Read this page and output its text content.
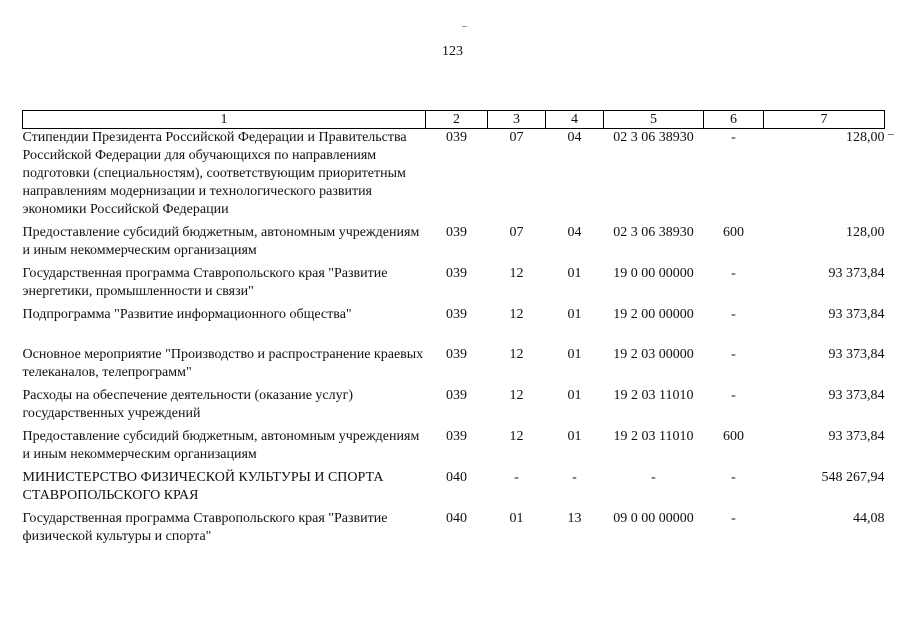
123
1	2	3	4	5	6	7
Стипендии Президента Российской Федерации и Правительства Российской Федерации для обучающихся по направлениям подготовки (специальностям), соответствующим приоритетным направлениям модернизации и технологического развития экономики Российской Федерации	039	07	04	02 3 06 38930	-	128,00
Предоставление субсидий бюджетным, автономным учреждениям и иным некоммерческим организациям	039	07	04	02 3 06 38930	600	128,00
Государственная программа Ставропольского края "Развитие энергетики, промышленности и связи"	039	12	01	19 0 00 00000	-	93 373,84
Подпрограмма "Развитие информационного общества"	039	12	01	19 2 00 00000	-	93 373,84
Основное мероприятие "Производство и распространение краевых телеканалов, телепрограмм"	039	12	01	19 2 03 00000	-	93 373,84
Расходы на обеспечение деятельности (оказание услуг) государственных учреждений	039	12	01	19 2 03 11010	-	93 373,84
Предоставление субсидий бюджетным, автономным учреждениям и иным некоммерческим организациям	039	12	01	19 2 03 11010	600	93 373,84
МИНИСТЕРСТВО ФИЗИЧЕСКОЙ КУЛЬТУРЫ И СПОРТА СТАВРОПОЛЬСКОГО КРАЯ	040	-	-	-	-	548 267,94
Государственная программа Ставропольского края "Развитие физической культуры и спорта"	040	01	13	09 0 00 00000	-	44,08
